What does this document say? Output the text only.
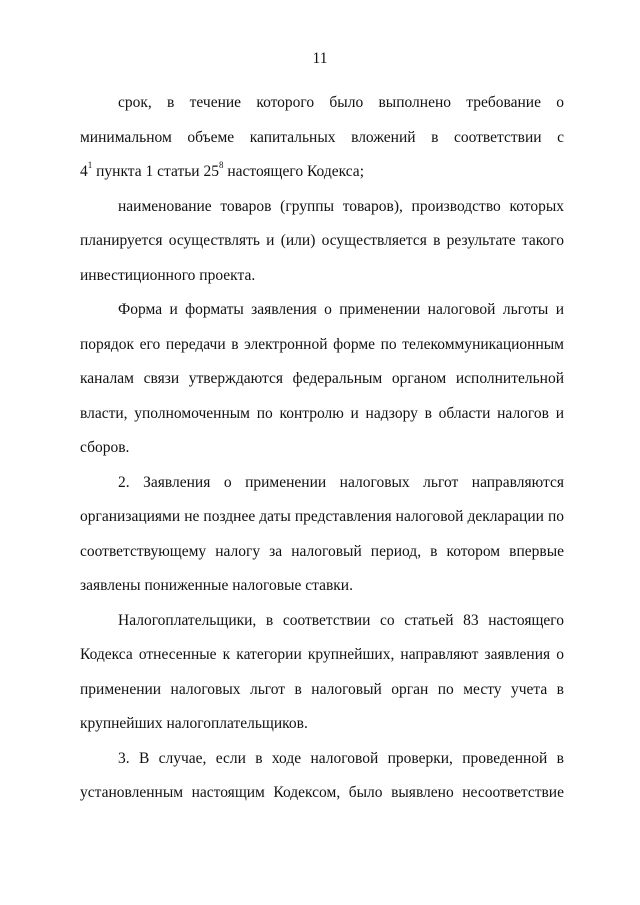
11
срок, в течение которого было выполнено требование о
минимальном объеме капитальных вложений в соответствии с
$4^1$ пункта 1 статьи $25^8$ настоящего Кодекса;
наименование товаров (группы товаров), производство которых
планируется осуществлять и (или) осуществляется в результате такого
инвестиционного проекта.
Форма и форматы заявления о применении налоговой льготы и
порядок его передачи в электронной форме по телекоммуникационным
каналам связи утверждаются федеральным органом исполнительной
власти, уполномоченным по контролю и надзору в области налогов и
сборов.
2. Заявления о применении налоговых льгот направляются
организациями не позднее даты представления налоговой декларации по
соответствующему налогу за налоговый период, в котором впервые
заявлены пониженные налоговые ставки.
Налогоплательщики, в соответствии со статьей 83 настоящего
Кодекса отнесенные к категории крупнейших, направляют заявления о
применении налоговых льгот в налоговый орган по месту учета в
крупнейших налогоплательщиков.
3. В случае, если в ходе налоговой проверки, проведенной в
установленным настоящим Кодексом, было выявлено несоответствие
